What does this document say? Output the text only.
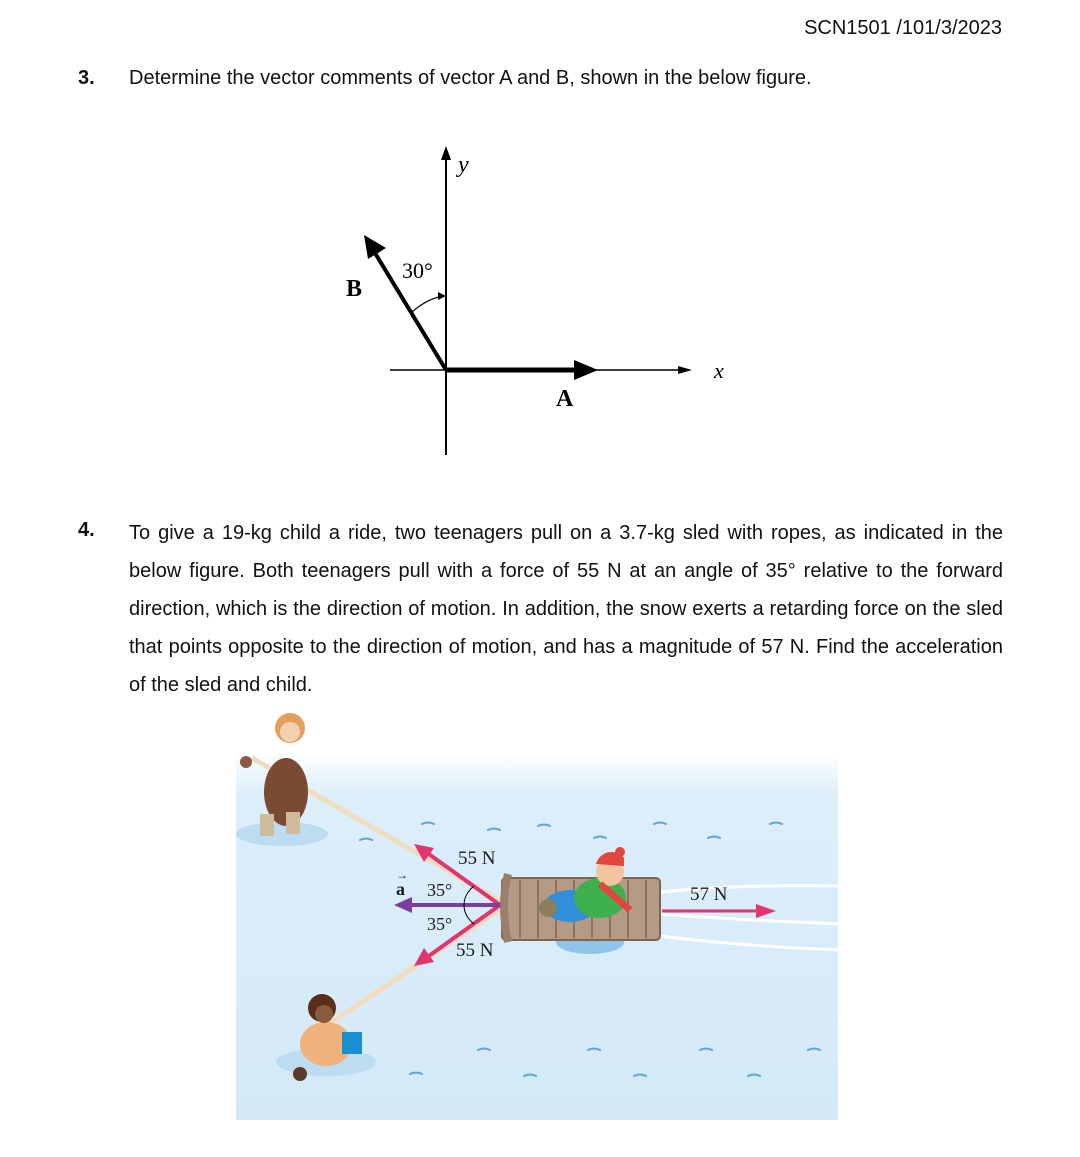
SCN1501 /101/3/2023
3. Determine the vector comments of vector A and B, shown in the below figure.
y
x
A
B
30°
4. To give a 19-kg child a ride, two teenagers pull on a 3.7-kg sled with ropes, as indicated in the below figure. Both teenagers pull with a force of 55 N at an angle of 35° relative to the forward direction, which is the direction of motion. In addition, the snow exerts a retarding force on the sled that points opposite to the direction of motion, and has a magnitude of 57 N. Find the acceleration of the sled and child.

55 N
55 N
35°
35°
a
→
57 N
